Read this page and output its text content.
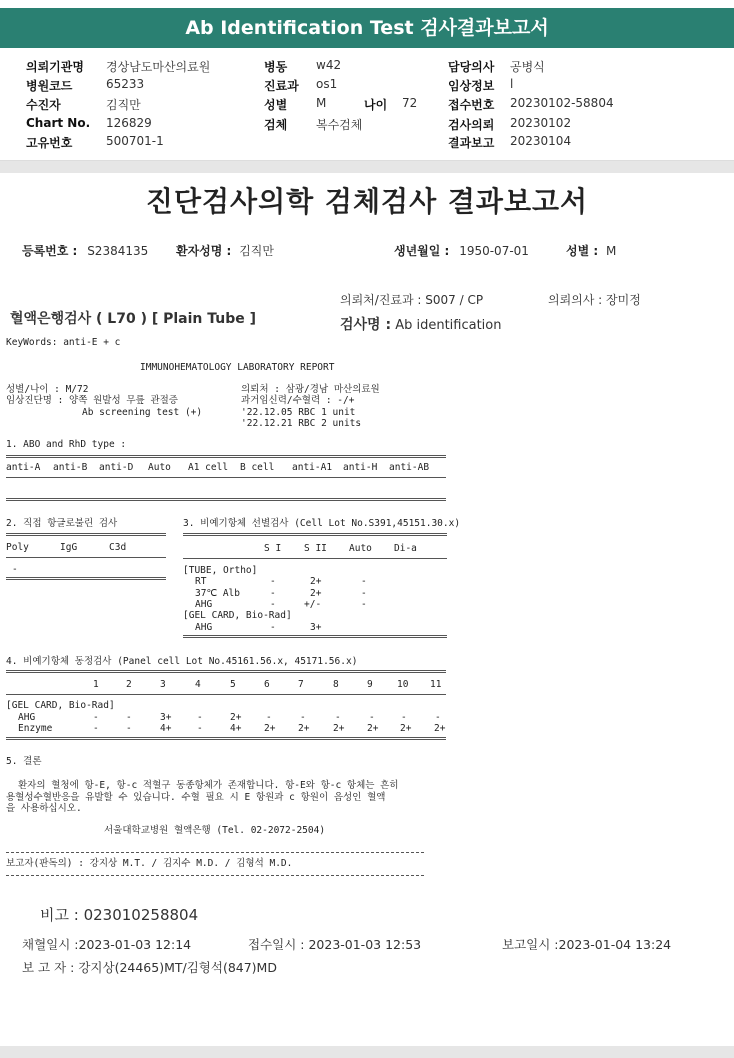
Ab Identification Test 검사결과보고서
의뢰기관명 경상남도마산의료원
병원코드	65233
수진자	김직만
Chart No. 126829
고유번호	500701-1
병동 w42
진료과 os1
성별 M	나이 72
검체 복수검체
담당의사 공병식
임상정보 l
접수번호 20230102-58804
검사의뢰 20230102
결과보고 20230104
진단검사의학 검체검사 결과보고서
등록번호 : S2384135 환자성명 : 김직만	생년월일 : 1950-07-01	성별 : M
의뢰처/진료과 : S007 / CP	의뢰의사 : 장미정
혈액은행검사 ( L70 ) [ Plain Tube ]	검사명 : Ab identification
KeyWords: anti-E + c
IMMUNOHEMATOLOGY LABORATORY REPORT
성별/나이 : M/72
임상진단명 : 양쪽 원발성 무릎 관절증
Ab screening test (+)
의뢰처 : 삼광/경남 마산의료원
과거임신력/수혈력 : -/+
'22.12.05 RBC 1 unit
'22.12.21 RBC 2 units
1. ABO and RhD type :
anti-A anti-B anti-D Auto A1 cell B cell anti-A1 anti-H anti-AB
2. 직접 항글로불린 검사
Poly	IgG	C3d
-
3. 비예기항체 선별검사 (Cell Lot No.S391,45151.30.x)
S I S II Auto Di-a
[TUBE, Ortho]
RT	-	2+	-
37℃ Alb	-	2+	-
AHG	-	+/-	-
[GEL CARD, Bio-Rad]
AHG	-	3+
4. 비예기항체 동정검사 (Panel cell Lot No.45161.56.x, 45171.56.x)
1	2	3	4	5	6	7	8	9	10 11
[GEL CARD, Bio-Rad]
AHG	-	-	3+	-	2+	-	-	-	-	-	-
Enzyme	-	-	4+	-	4+ 2+ 2+ 2+ 2+ 2+ 2+
5. 결론
환자의 혈청에 항-E, 항-c 적혈구 동종항체가 존재합니다. 항-E와 항-c 항체는 흔히
용혈성수혈반응을 유발할 수 있습니다. 수혈 필요 시 E 항원과 c 항원이 음성인 혈액
을 사용하십시오.
서울대학교병원 혈액은행 (Tel. 02-2072-2504)
보고자(판독의) : 강지상 M.T. / 김지수 M.D. / 김형석 M.D.
비고 : 023010258804
채혈일시 :2023-01-03 12:14	접수일시 : 2023-01-03 12:53	보고일시 :2023-01-04 13:24
보 고 자 : 강지상(24465)MT/김형석(847)MD
